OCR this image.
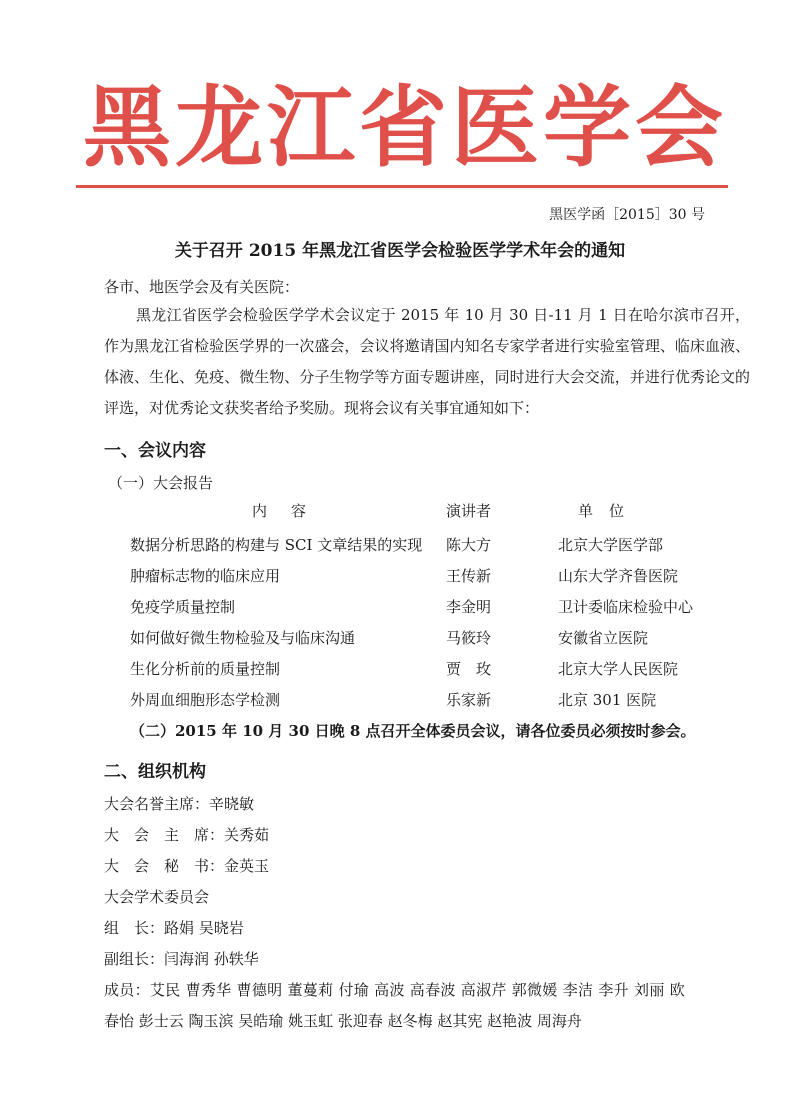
黑龙江省医学会
黑医学函［2015］30 号
关于召开 2015 年黑龙江省医学会检验医学学术年会的通知
各市、地医学会及有关医院：
黑龙江省医学会检验医学学术会议定于 2015 年 10 月 30 日-11 月 1 日在哈尔滨市召开，作为黑龙江省检验医学界的一次盛会，会议将邀请国内知名专家学者进行实验室管理、临床血液、体液、生化、免疫、微生物、分子生物学等方面专题讲座，同时进行大会交流，并进行优秀论文的评选，对优秀论文获奖者给予奖励。现将会议有关事宜通知如下：
一、会议内容
（一）大会报告
内容	演讲者	单位
数据分析思路的构建与 SCI 文章结果的实现 陈大方	北京大学医学部
肿瘤标志物的临床应用	王传新	山东大学齐鲁医院
免疫学质量控制	李金明	卫计委临床检验中心
如何做好微生物检验及与临床沟通	马筱玲	安徽省立医院
生化分析前的质量控制	贾　玫	北京大学人民医院
外周血细胞形态学检测	乐家新	北京 301 医院
（二）2015 年 10 月 30 日晚 8 点召开全体委员会议，请各位委员必须按时参会。
二、组织机构
大会名誉主席：辛晓敏
大　会　主　席：关秀茹
大　会　秘　书：金英玉
大会学术委员会
组　长：路娟 吴晓岩
副组长：闫海润 孙轶华
成员：艾民 曹秀华 曹德明 董蔓莉 付瑜 高波 高春波 高淑芹 郭微媛 李洁 李升 刘丽 欧
春怡 彭士云 陶玉滨 吴皓瑜 姚玉虹 张迎春 赵冬梅 赵其宪 赵艳波 周海舟
